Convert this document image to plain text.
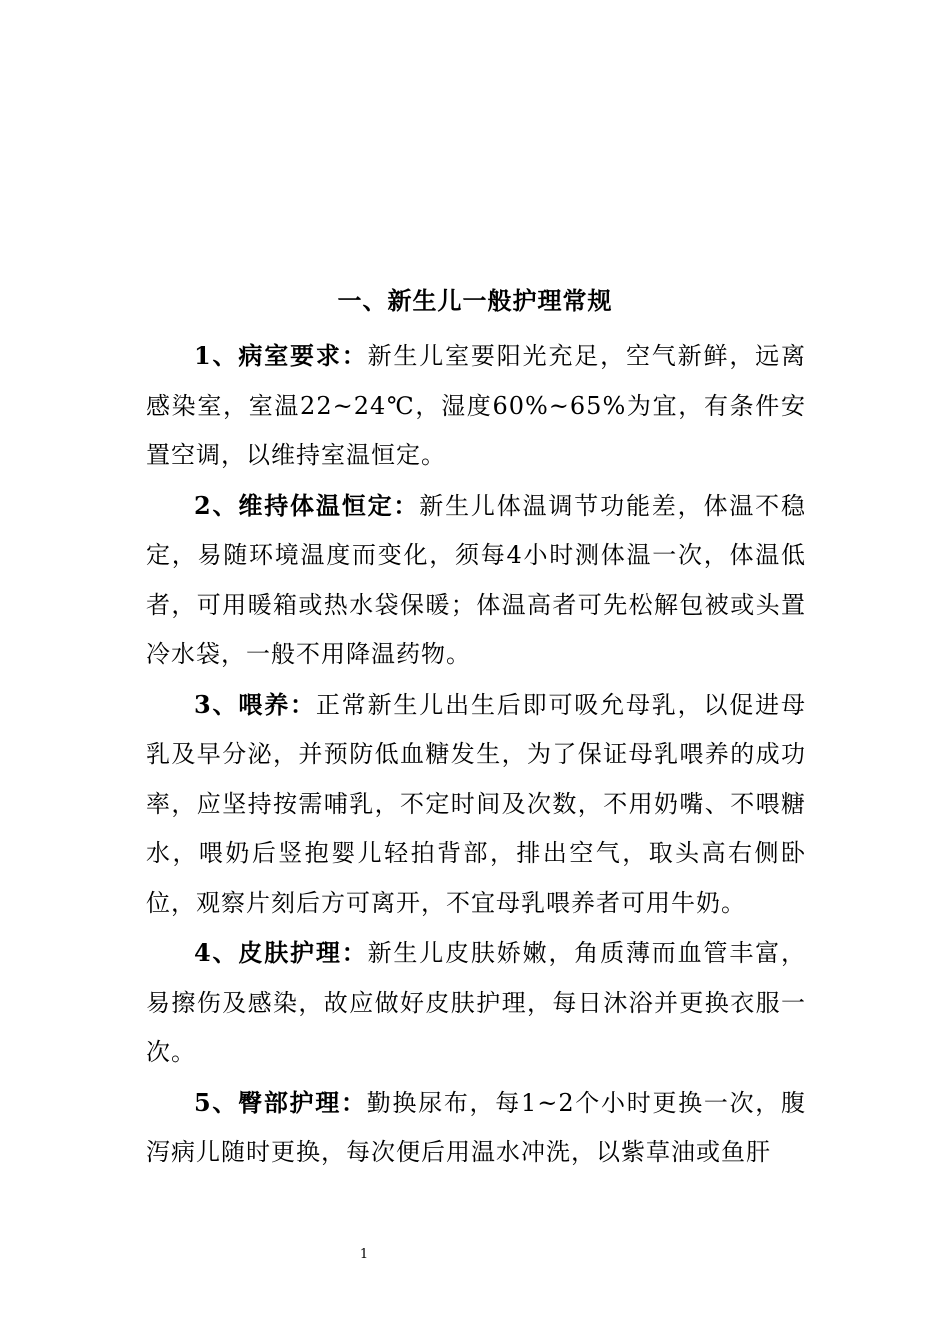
一、新生儿一般护理常规

1、病室要求：新生儿室要阳光充足，空气新鲜，远离感染室，室温22~24℃，湿度60%~65%为宜，有条件安置空调，以维持室温恒定。

2、维持体温恒定：新生儿体温调节功能差，体温不稳定，易随环境温度而变化，须每4小时测体温一次，体温低者，可用暖箱或热水袋保暖；体温高者可先松解包被或头置冷水袋，一般不用降温药物。

3、喂养：正常新生儿出生后即可吸允母乳，以促进母乳及早分泌，并预防低血糖发生，为了保证母乳喂养的成功率，应坚持按需哺乳，不定时间及次数，不用奶嘴、不喂糖水，喂奶后竖抱婴儿轻拍背部，排出空气，取头高右侧卧位，观察片刻后方可离开，不宜母乳喂养者可用牛奶。

4、皮肤护理：新生儿皮肤娇嫩，角质薄而血管丰富，易擦伤及感染，故应做好皮肤护理，每日沐浴并更换衣服一次。

5、臀部护理：勤换尿布，每1~2个小时更换一次，腹泻病儿随时更换，每次便后用温水冲洗，以紫草油或鱼肝

1
